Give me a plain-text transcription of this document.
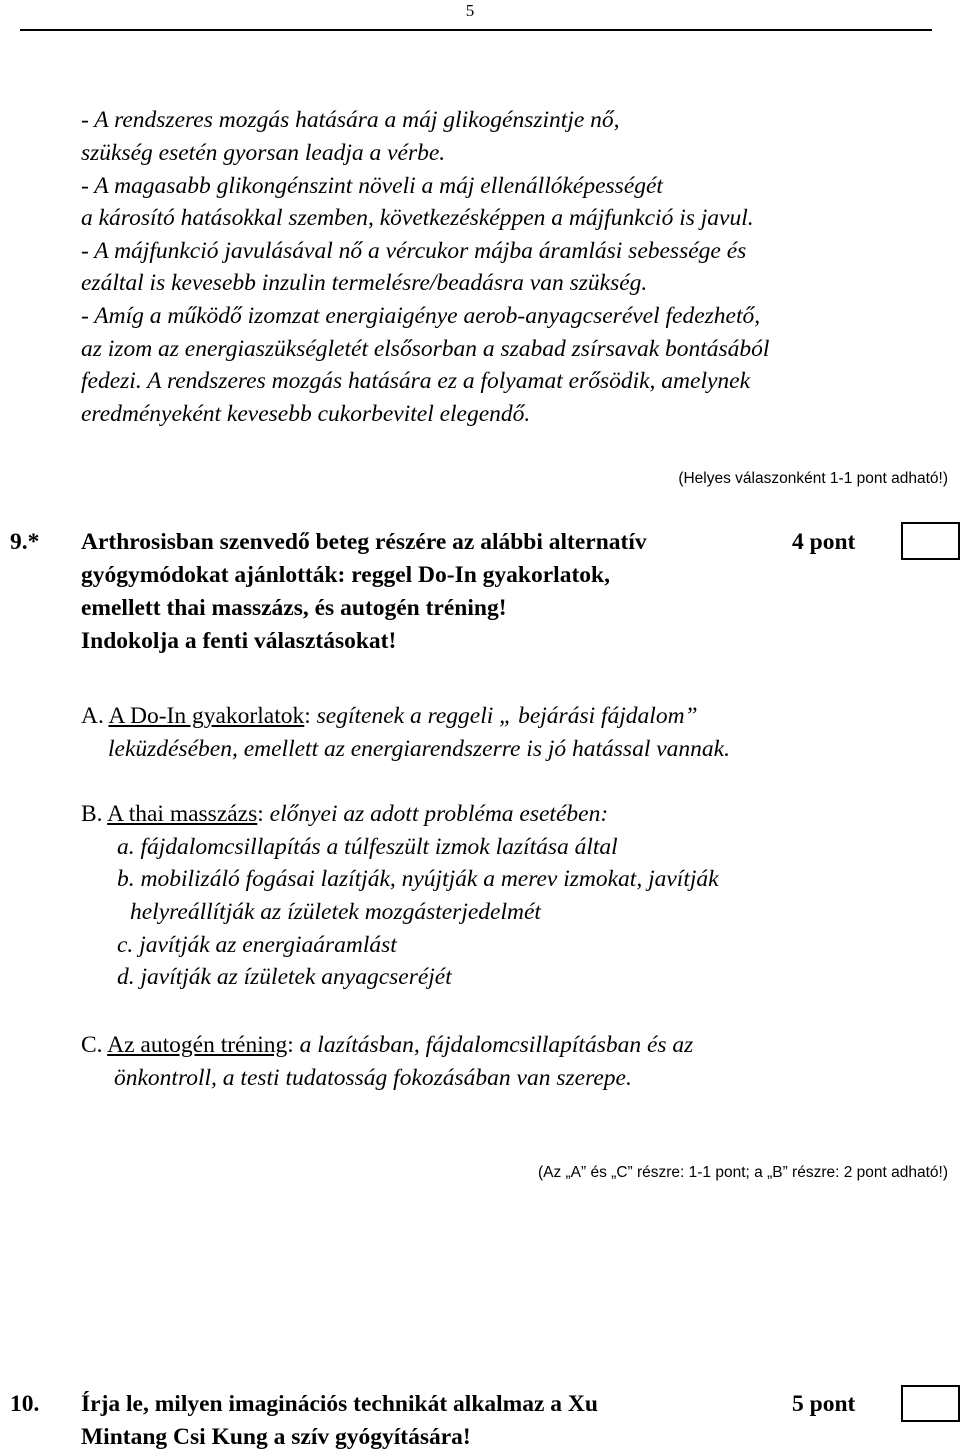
5
- A rendszeres mozgás hatására a máj glikogénszintje nő,
szükség esetén gyorsan leadja a vérbe.
- A magasabb glikongénszint növeli a máj ellenállóképességét
a károsító hatásokkal szemben, következésképpen a májfunkció is javul.
- A májfunkció javulásával nő a vércukor májba áramlási sebessége és
ezáltal is kevesebb inzulin termelésre/beadásra van szükség.
- Amíg a működő izomzat energiaigénye aerob-anyagcserével fedezhető,
az izom az energiaszükségletét elsősorban a szabad zsírsavak bontásából
fedezi. A rendszeres mozgás hatására ez a folyamat erősödik, amelynek
eredményeként kevesebb cukorbevitel elegendő.
(Helyes válaszonként 1-1 pont adható!)
9.* Arthrosisban szenvedő beteg részére az alábbi alternatív
gyógymódokat ajánlották: reggel Do-In gyakorlatok,
emellett thai masszázs, és autogén tréning!
Indokolja a fenti választásokat!
4 pont
A. A Do-In gyakorlatok: segítenek a reggeli „ bejárási fájdalom”
leküzdésében, emellett az energiarendszerre is jó hatással vannak.
B. A thai masszázs: előnyei az adott probléma esetében:
a. fájdalomcsillapítás a túlfeszült izmok lazítása által
b. mobilizáló fogásai lazítják, nyújtják a merev izmokat, javítják
helyreállítják az ízületek mozgásterjedelmét
c. javítják az energiaáramlást
d. javítják az ízületek anyagcseréjét
C. Az autogén tréning: a lazításban, fájdalomcsillapításban és az
önkontroll, a testi tudatosság fokozásában van szerepe.
(Az „A” és „C” részre: 1-1 pont; a „B” részre: 2 pont adható!)
10. Írja le, milyen imaginációs technikát alkalmaz a Xu
Mintang Csi Kung a szív gyógyítására!
5 pont
